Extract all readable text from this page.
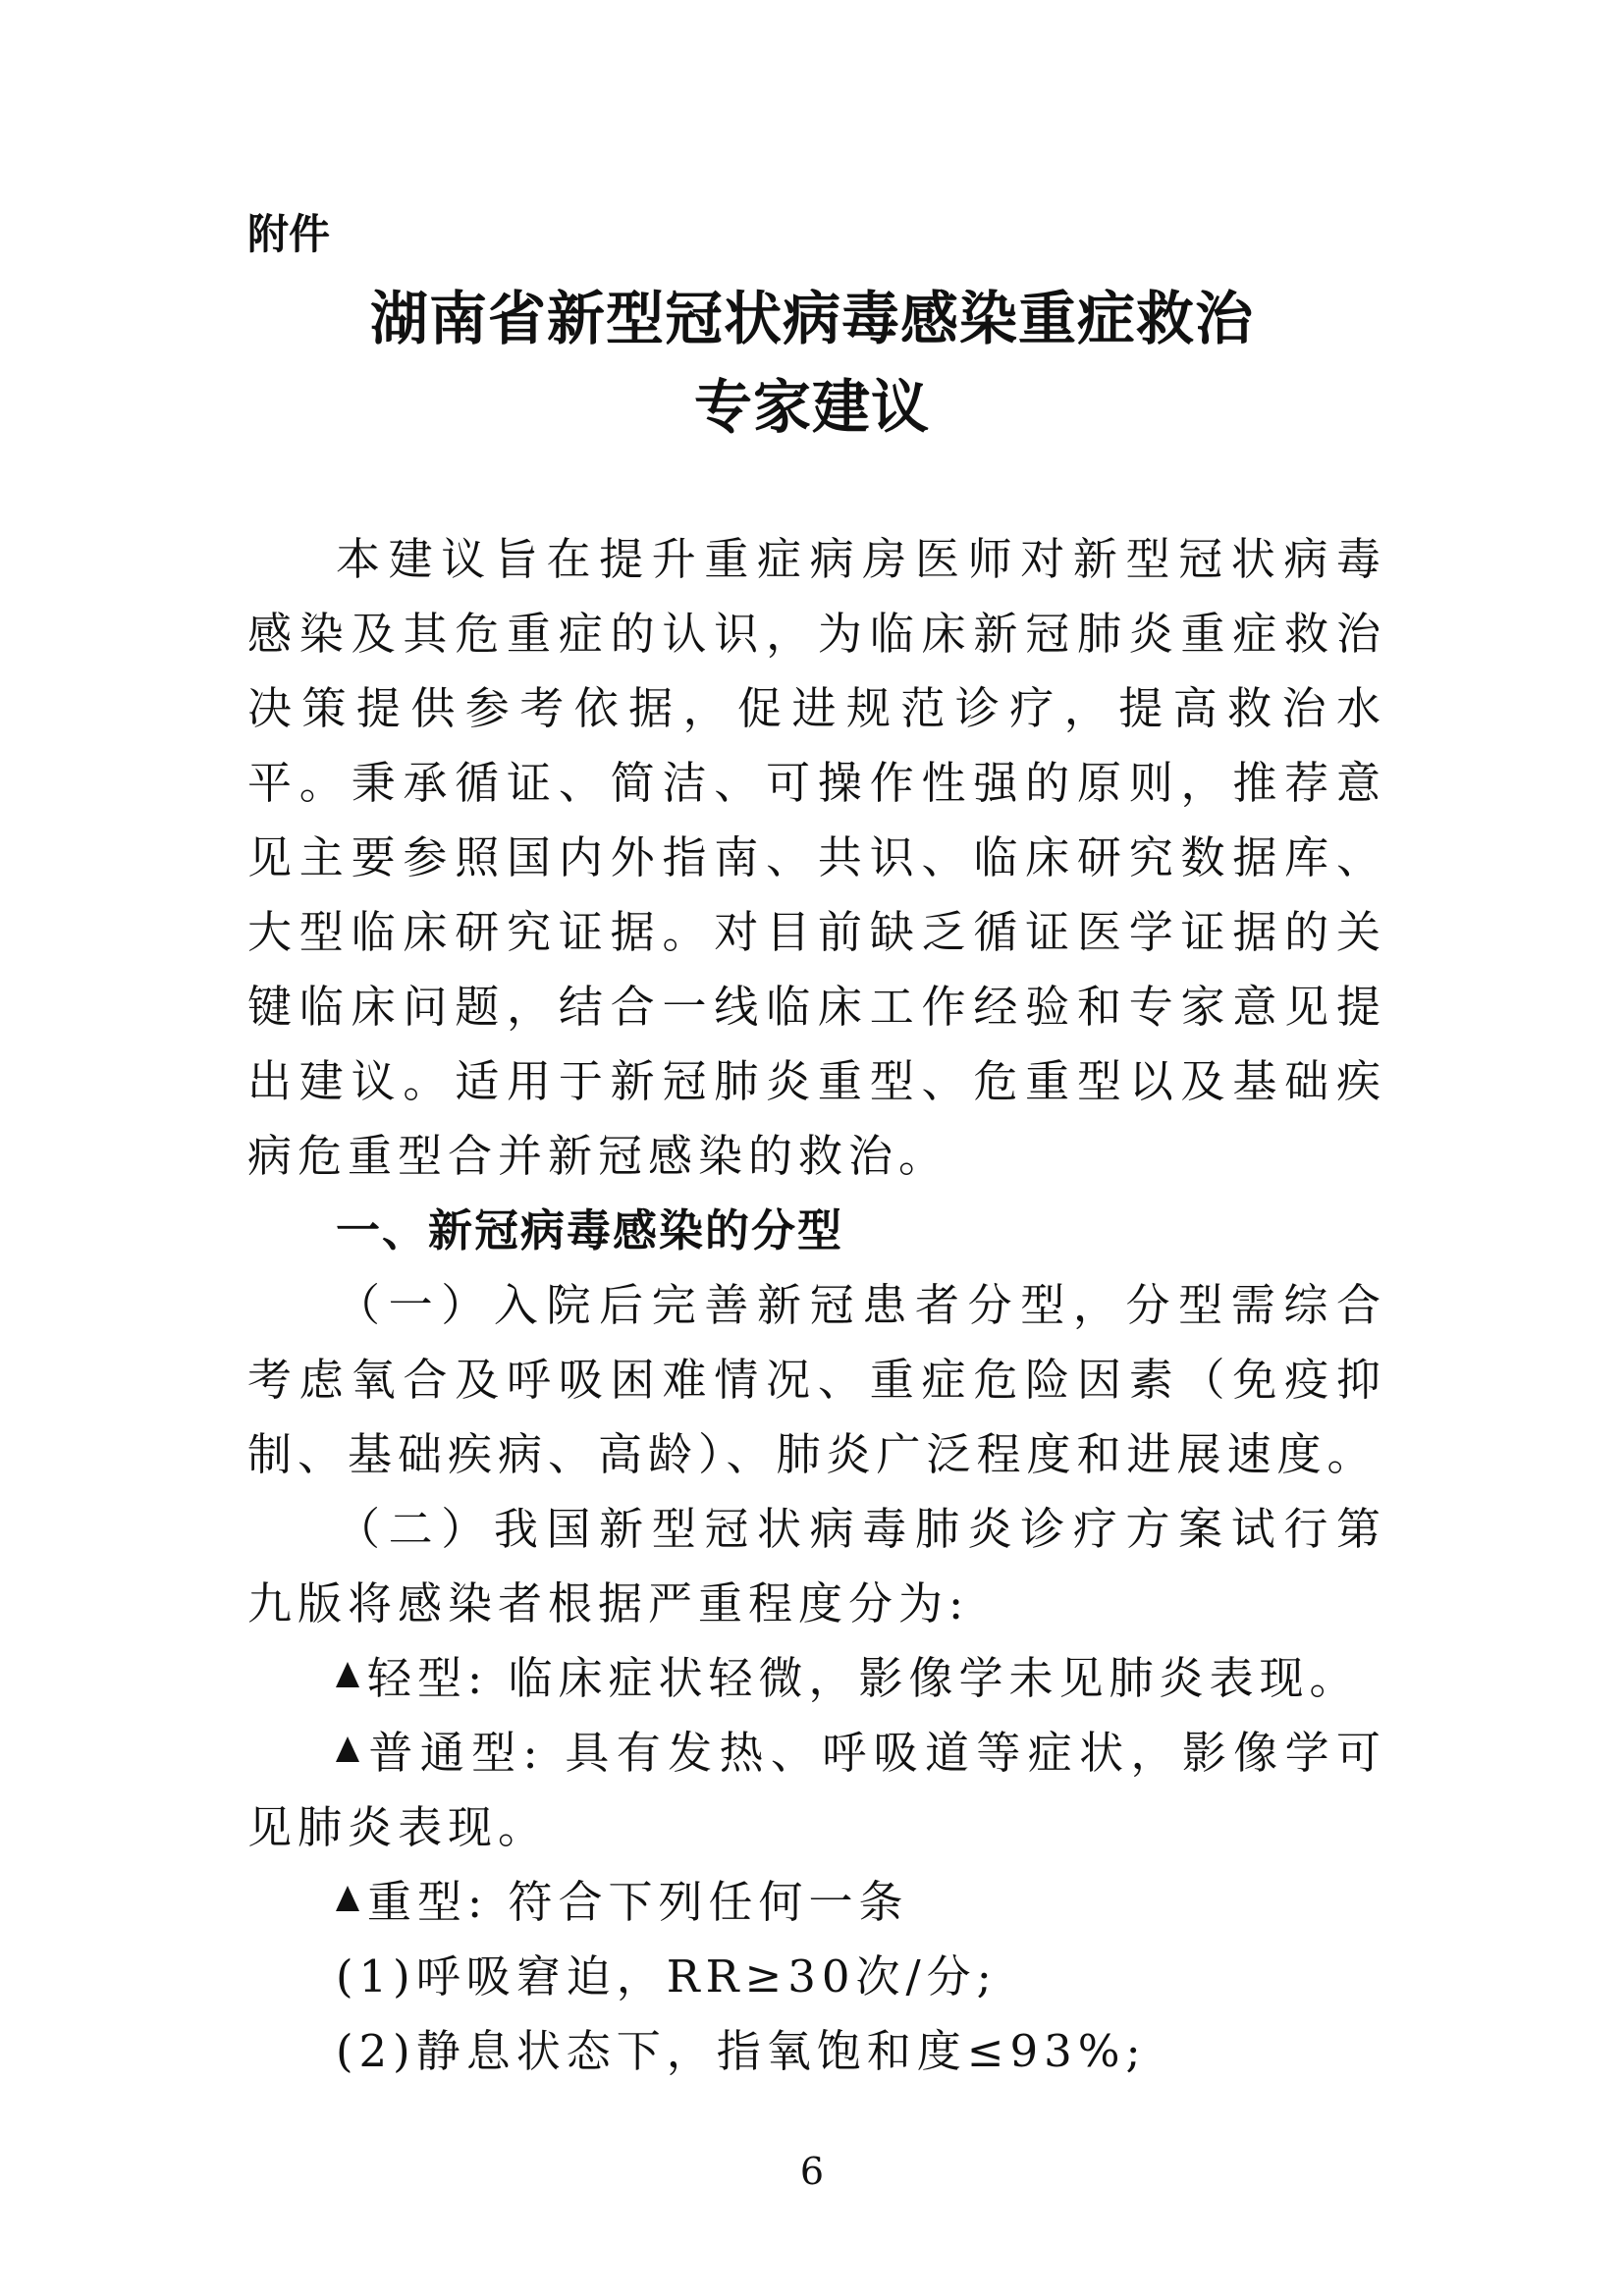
附件
湖南省新型冠状病毒感染重症救治
专家建议

本建议旨在提升重症病房医师对新型冠状病毒感染及其危重症的认识，为临床新冠肺炎重症救治决策提供参考依据，促进规范诊疗，提高救治水平。秉承循证、简洁、可操作性强的原则，推荐意见主要参照国内外指南、共识、临床研究数据库、大型临床研究证据。对目前缺乏循证医学证据的关键临床问题，结合一线临床工作经验和专家意见提出建议。适用于新冠肺炎重型、危重型以及基础疾病危重型合并新冠感染的救治。

一、新冠病毒感染的分型

（一）入院后完善新冠患者分型，分型需综合考虑氧合及呼吸困难情况、重症危险因素（免疫抑制、基础疾病、高龄）、肺炎广泛程度和进展速度。

（二）我国新型冠状病毒肺炎诊疗方案试行第九版将感染者根据严重程度分为:

轻型: 临床症状轻微，影像学未见肺炎表现。

普通型: 具有发热、呼吸道等症状，影像学可见肺炎表现。

重型: 符合下列任何一条

(1)呼吸窘迫，RR≥30次/分;

(2)静息状态下，指氧饱和度≤93%;

6
